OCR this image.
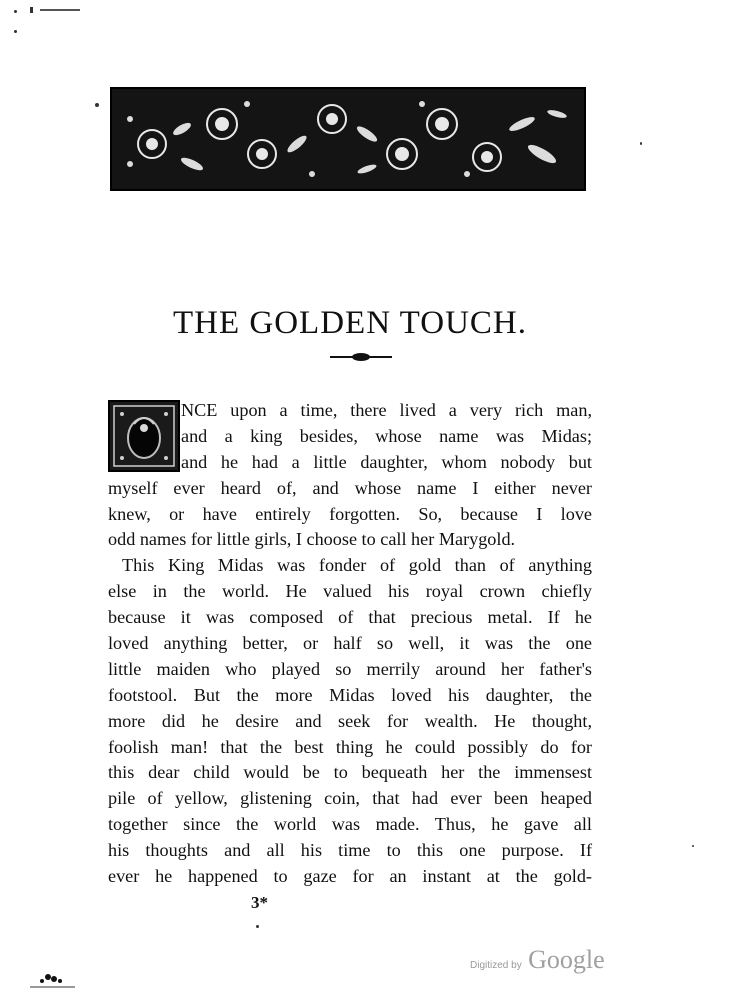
THE GOLDEN TOUCH.
NCE upon a time, there lived a very rich man,
and a king besides, whose name was Midas;
and he had a little daughter, whom nobody but
myself ever heard of, and whose name I either never
knew, or have entirely forgotten. So, because I love
odd names for little girls, I choose to call her Marygold.
This King Midas was fonder of gold than of anything
else in the world. He valued his royal crown chiefly
because it was composed of that precious metal. If he
loved anything better, or half so well, it was the one
little maiden who played so merrily around her father's
footstool. But the more Midas loved his daughter, the
more did he desire and seek for wealth. He thought,
foolish man! that the best thing he could possibly do for
this dear child would be to bequeath her the immensest
pile of yellow, glistening coin, that had ever been heaped
together since the world was made. Thus, he gave all
his thoughts and all his time to this one purpose. If
ever he happened to gaze for an instant at the gold-
3*
Digitized by Google
